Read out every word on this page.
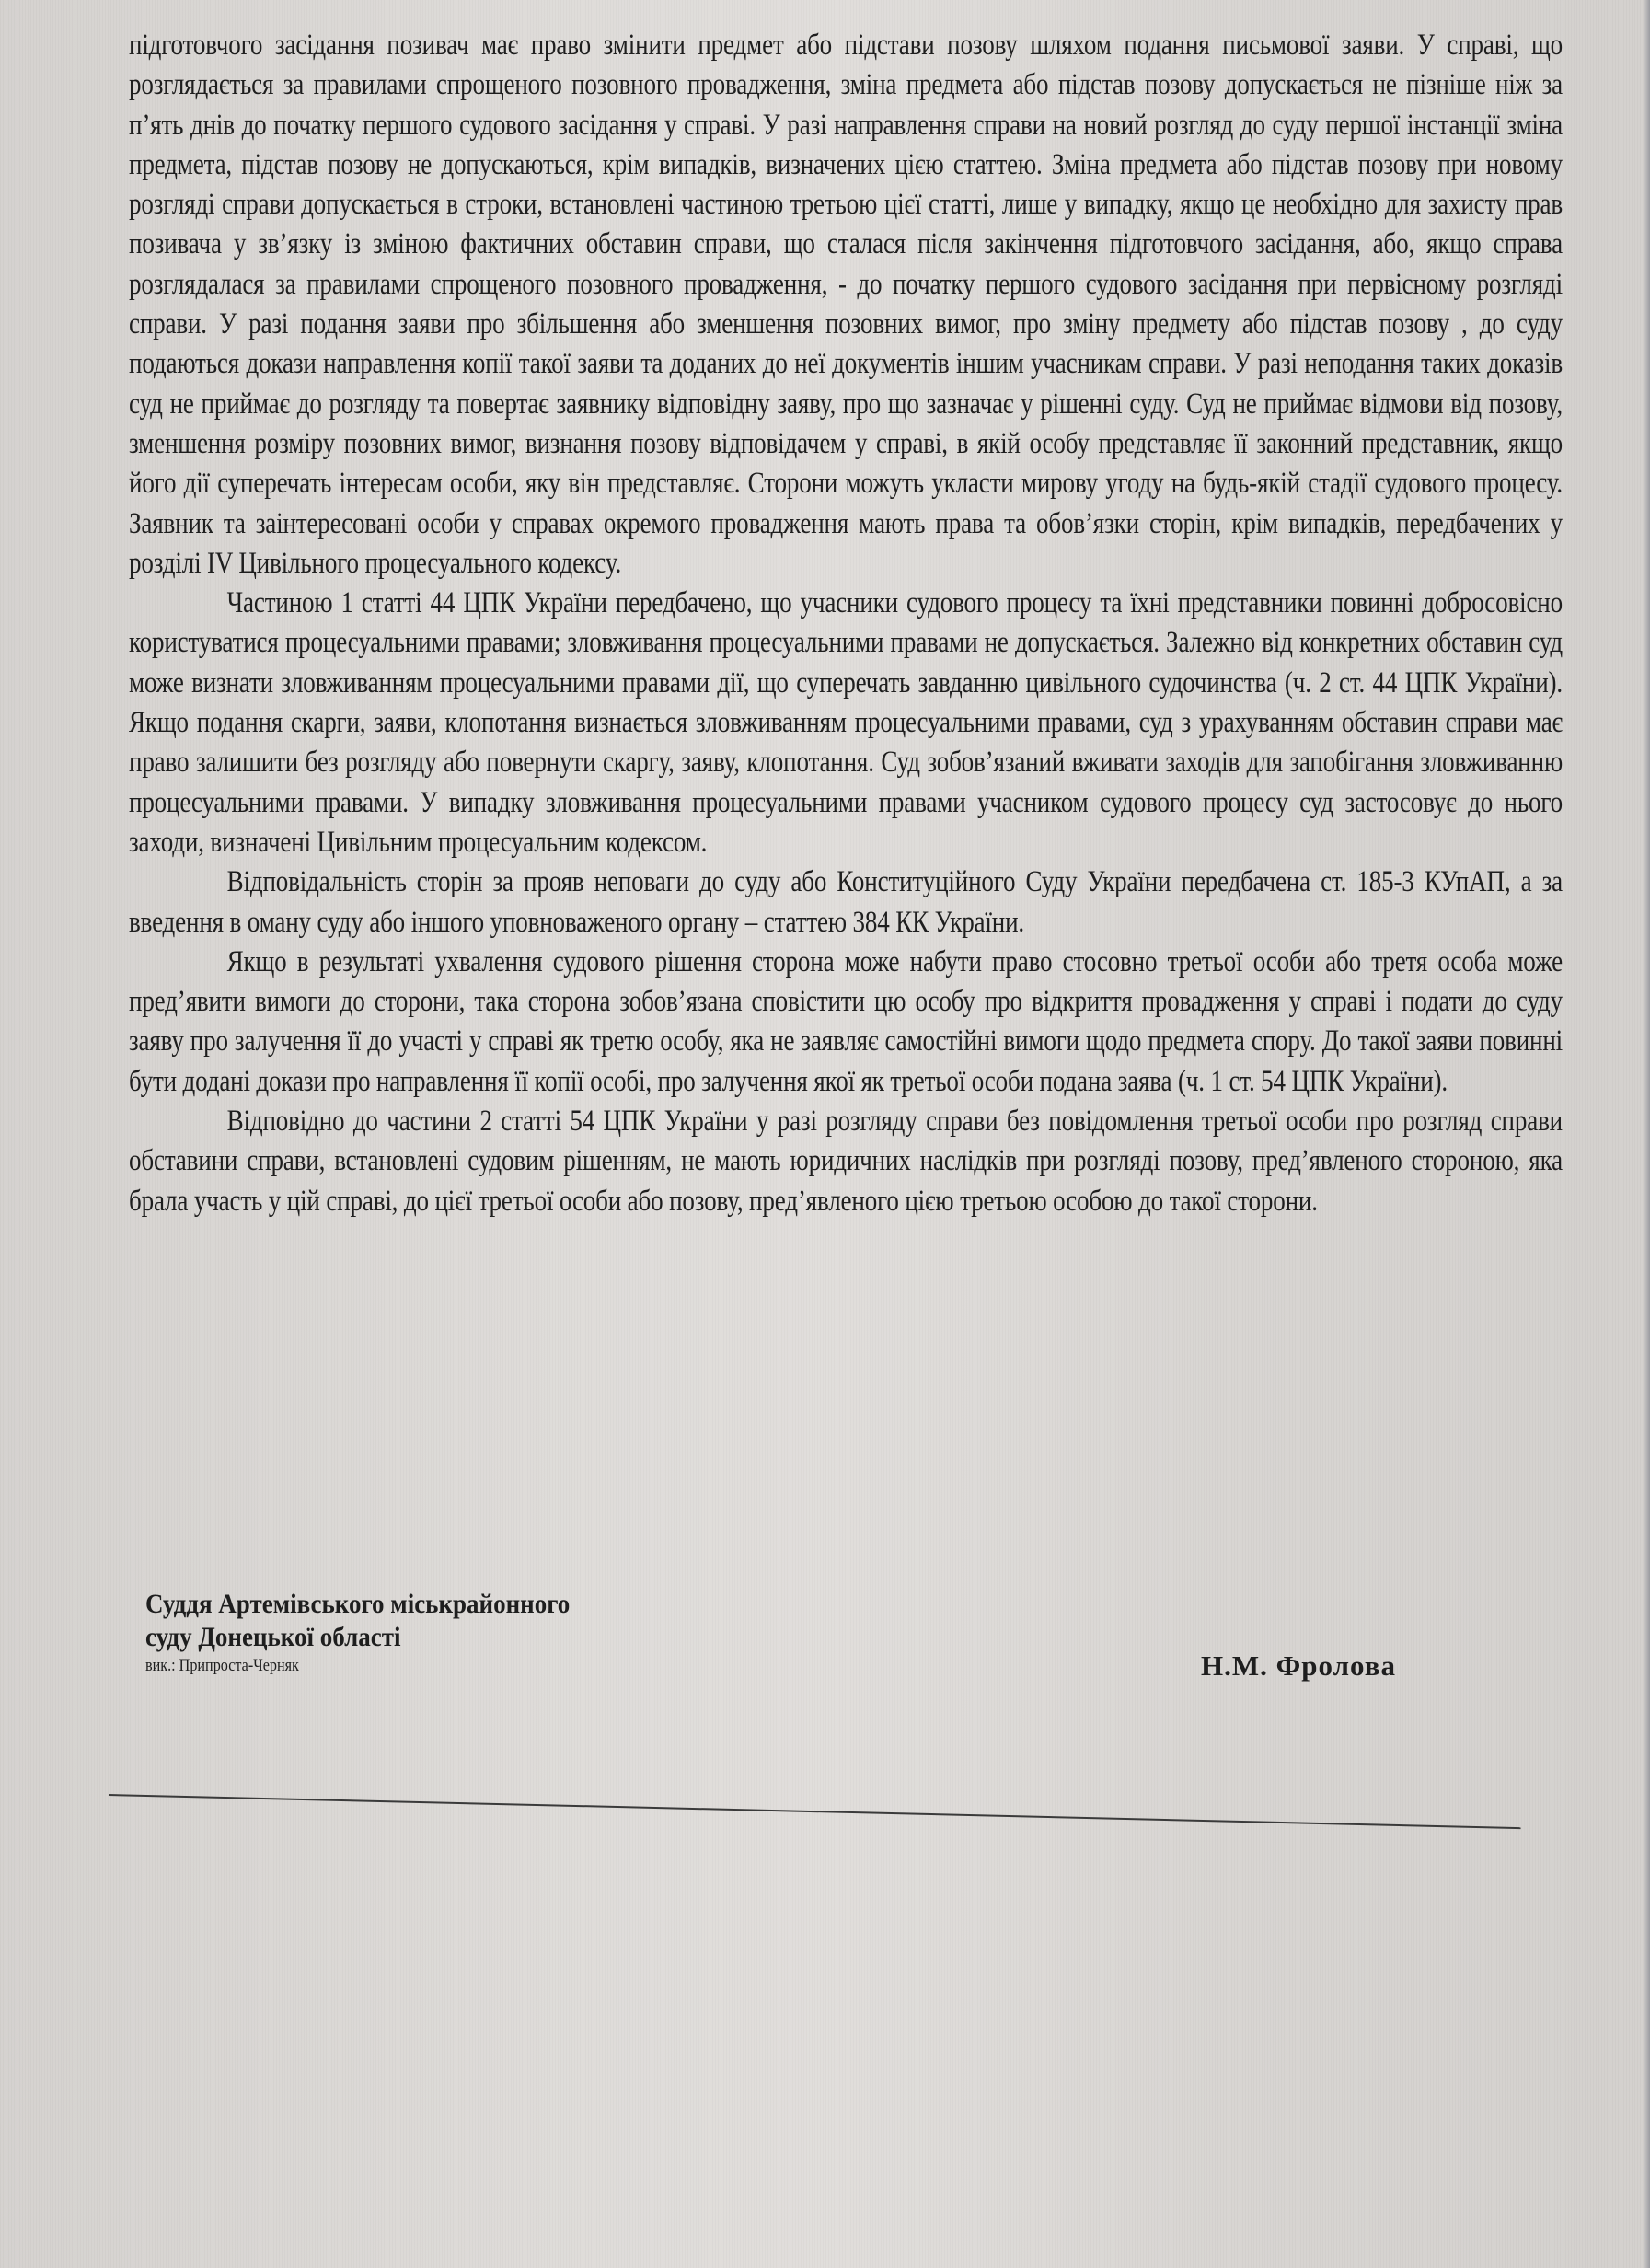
підготовчого засідання позивач має право змінити предмет або підстави позову шляхом подання письмової заяви. У справі, що розглядається за правилами спрощеного позовного провадження, зміна предмета або підстав позову допускається не пізніше ніж за п’ять днів до початку першого судового засідання у справі. У разі направлення справи на новий розгляд до суду першої інстанції зміна предмета, підстав позову не допускаються, крім випадків, визначених цією статтею. Зміна предмета або підстав позову при новому розгляді справи допускається в строки, встановлені частиною третьою цієї статті, лише у випадку, якщо це необхідно для захисту прав позивача у зв’язку із зміною фактичних обставин справи, що сталася після закінчення підготовчого засідання, або, якщо справа розглядалася за правилами спрощеного позовного провадження, - до початку першого судового засідання при первісному розгляді справи. У разі подання заяви про збільшення або зменшення позовних вимог, про зміну предмету або підстав позову , до суду подаються докази направлення копії такої заяви та доданих до неї документів іншим учасникам справи. У разі неподання таких доказів суд не приймає до розгляду та повертає заявнику відповідну заяву, про що зазначає у рішенні суду. Суд не приймає відмови від позову, зменшення розміру позовних вимог, визнання позову відповідачем у справі, в якій особу представляє її законний представник, якщо його дії суперечать інтересам особи, яку він представляє. Сторони можуть укласти мирову угоду на будь-якій стадії судового процесу. Заявник та заінтересовані особи у справах окремого провадження мають права та обов’язки сторін, крім випадків, передбачених у розділі IV Цивільного процесуального кодексу.

Частиною 1 статті 44 ЦПК України передбачено, що учасники судового процесу та їхні представники повинні добросовісно користуватися процесуальними правами; зловживання процесуальними правами не допускається. Залежно від конкретних обставин суд може визнати зловживанням процесуальними правами дії, що суперечать завданню цивільного судочинства (ч. 2 ст. 44 ЦПК України). Якщо подання скарги, заяви, клопотання визнається зловживанням процесуальними правами, суд з урахуванням обставин справи має право залишити без розгляду або повернути скаргу, заяву, клопотання. Суд зобов’язаний вживати заходів для запобігання зловживанню процесуальними правами. У випадку зловживання процесуальними правами учасником судового процесу суд застосовує до нього заходи, визначені Цивільним процесуальним кодексом.

Відповідальність сторін за прояв неповаги до суду або Конституційного Суду України передбачена ст. 185-3 КУпАП, а за введення в оману суду або іншого уповноваженого органу – статтею 384 КК України.

Якщо в результаті ухвалення судового рішення сторона може набути право стосовно третьої особи або третя особа може пред’явити вимоги до сторони, така сторона зобов’язана сповістити цю особу про відкриття провадження у справі і подати до суду заяву про залучення її до участі у справі як третю особу, яка не заявляє самостійні вимоги щодо предмета спору. До такої заяви повинні бути додані докази про направлення її копії особі, про залучення якої як третьої особи подана заява (ч. 1 ст. 54 ЦПК України).

Відповідно до частини 2 статті 54 ЦПК України у разі розгляду справи без повідомлення третьої особи про розгляд справи обставини справи, встановлені судовим рішенням, не мають юридичних наслідків при розгляді позову, пред’явленого стороною, яка брала участь у цій справі, до цієї третьої особи або позову, пред’явленого цією третьою особою до такої сторони.

Суддя Артемівського міськрайонного
суду Донецької області
вик.: Припроста-Черняк	Н.М. Фролова
